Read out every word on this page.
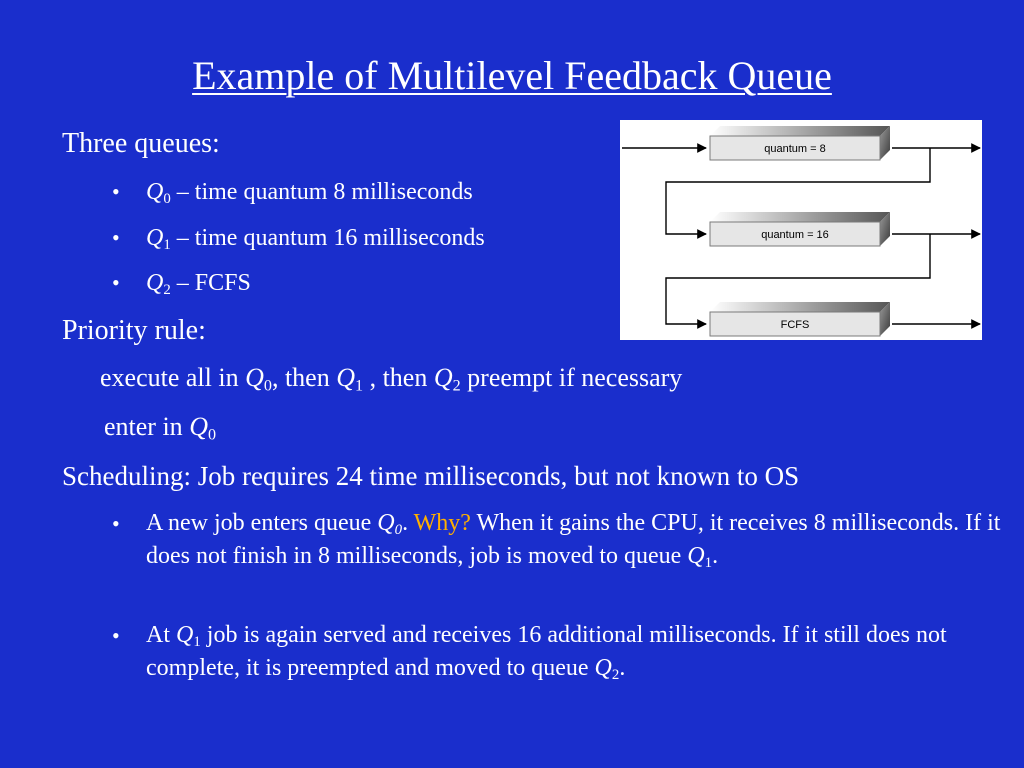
Example of Multilevel Feedback Queue
Three queues:
• $Q_0$ – time quantum 8 milliseconds
• $Q_1$ – time quantum 16 milliseconds
• $Q_2$ – FCFS
Priority rule:
execute all in $Q_0$, then $Q_1$ , then $Q_2$ preempt if necessary
enter in $Q_0$
Scheduling: Job requires 24 time milliseconds, but not known to OS
• A new job enters queue $Q_0$. Why? When it gains the CPU, it receives 8 milliseconds. If it does not finish in 8 milliseconds, job is moved to queue $Q_1$.
• At $Q_1$ job is again served and receives 16 additional milliseconds. If it still does not complete, it is preempted and moved to queue $Q_2$.
quantum = 8
quantum = 16
FCFS
